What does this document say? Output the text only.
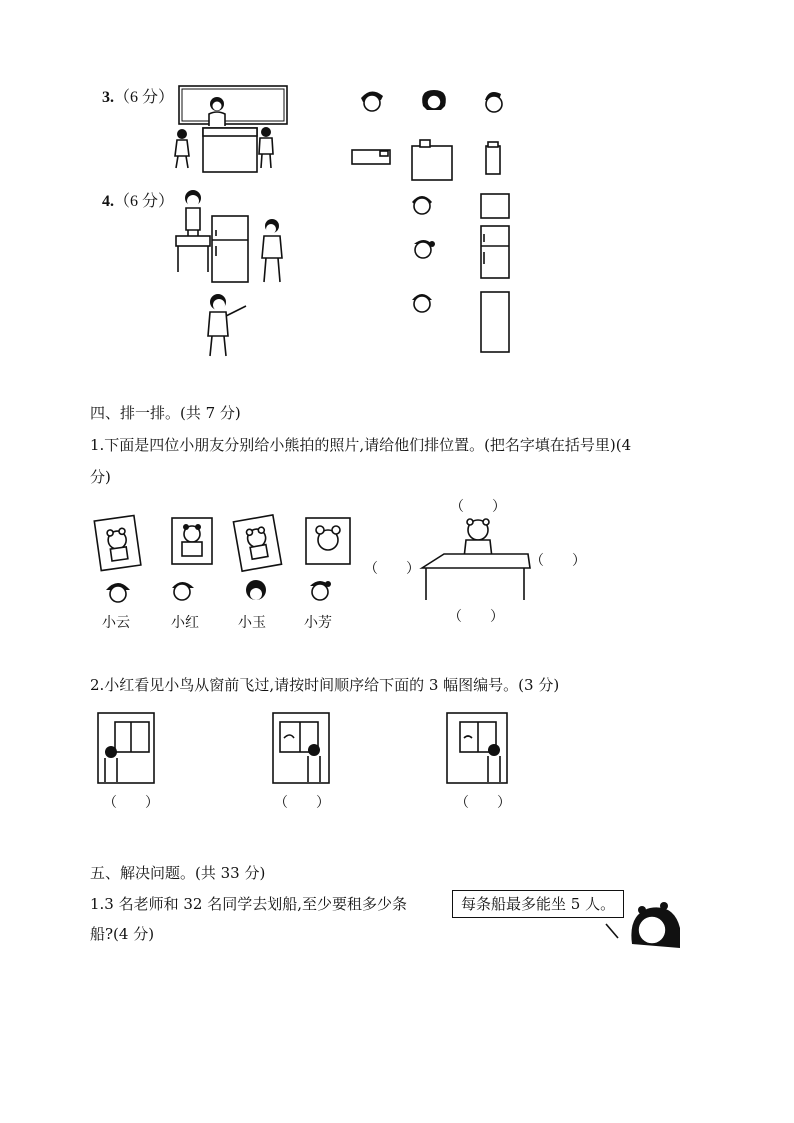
3.（6 分）
4.（6 分）
四、排一排。(共 7 分)
1.下面是四位小朋友分别给小熊拍的照片,请给他们排位置。(把名字填在括号里)(4
分)
小云	小红	小玉	小芳
（　　）
（　　）	（　　）
（　　）
2.小红看见小鸟从窗前飞过,请按时间顺序给下面的 3 幅图编号。(3 分)
（　　）	（　　）	（　　）
五、解决问题。(共 33 分)
1.3 名老师和 32 名同学去划船,至少要租多少条
船?(4 分)
每条船最多能坐 5 人。
